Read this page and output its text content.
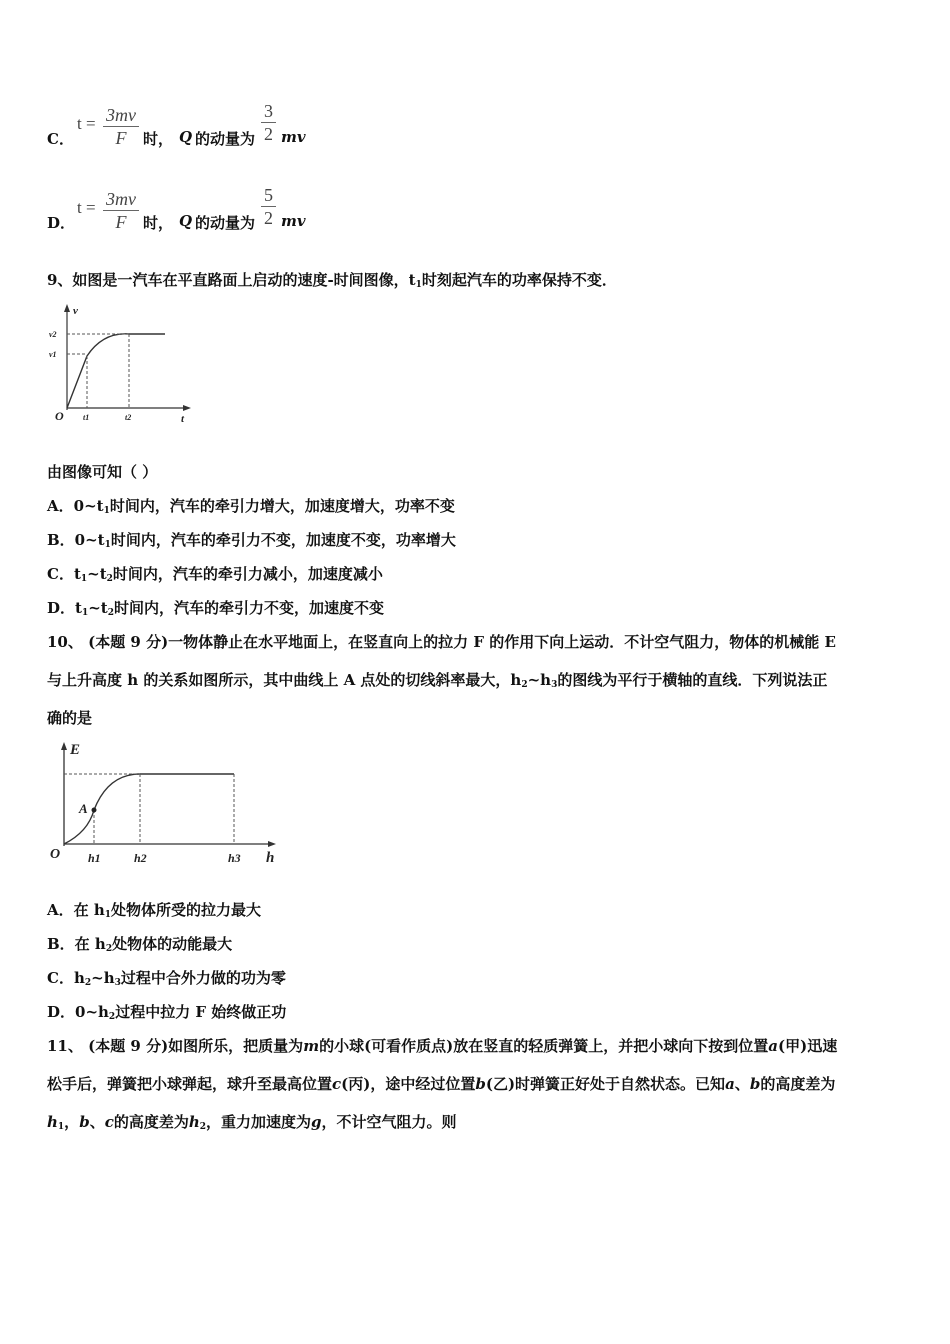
C．
$t = \frac{3mv}{F}$ 时， Q 的动量为 $\frac{3}{2}$ mv
D．
$t = \frac{3mv}{F}$ 时， Q 的动量为 $\frac{5}{2}$ mv
9、如图是一汽车在平直路面上启动的速度-时间图像，$t_1$时刻起汽车的功率保持不变．
v
t
O
v2
v1
t1	t2
由图像可知（ ）
A．$0\sim t_1$时间内，汽车的牵引力增大，加速度增大，功率不变
B．$0\sim t_1$时间内，汽车的牵引力不变，加速度不变，功率增大
C．$t_1\sim t_2$时间内，汽车的牵引力减小，加速度减小
D．$t_1\sim t_2$时间内，汽车的牵引力不变，加速度不变
10、 (本题 9 分)一物体静止在水平地面上，在竖直向上的拉力 F 的作用下向上运动．不计空气阻力，物体的机械能 E
与上升高度 h 的关系如图所示，其中曲线上 A 点处的切线斜率最大，$h_2\sim h_3$的图线为平行于横轴的直线．下列说法正
确的是
E
h
O
A
h1	h2	h3
A．在 $h_1$处物体所受的拉力最大
B．在 $h_2$处物体的动能最大
C．$h_2\sim h_3$过程中合外力做的功为零
D．$0\sim h_2$过程中拉力 F 始终做正功
11、 (本题 9 分)如图所乐，把质量为m的小球(可看作质点)放在竖直的轻质弹簧上，并把小球向下按到位置a(甲)迅速
松手后，弹簧把小球弹起，球升至最高位置c(丙)，途中经过位置b(乙)时弹簧正好处于自然状态。已知a、b的高度差为
$h_1$，b、c的高度差为$h_2$，重力加速度为g，不计空气阻力。则
